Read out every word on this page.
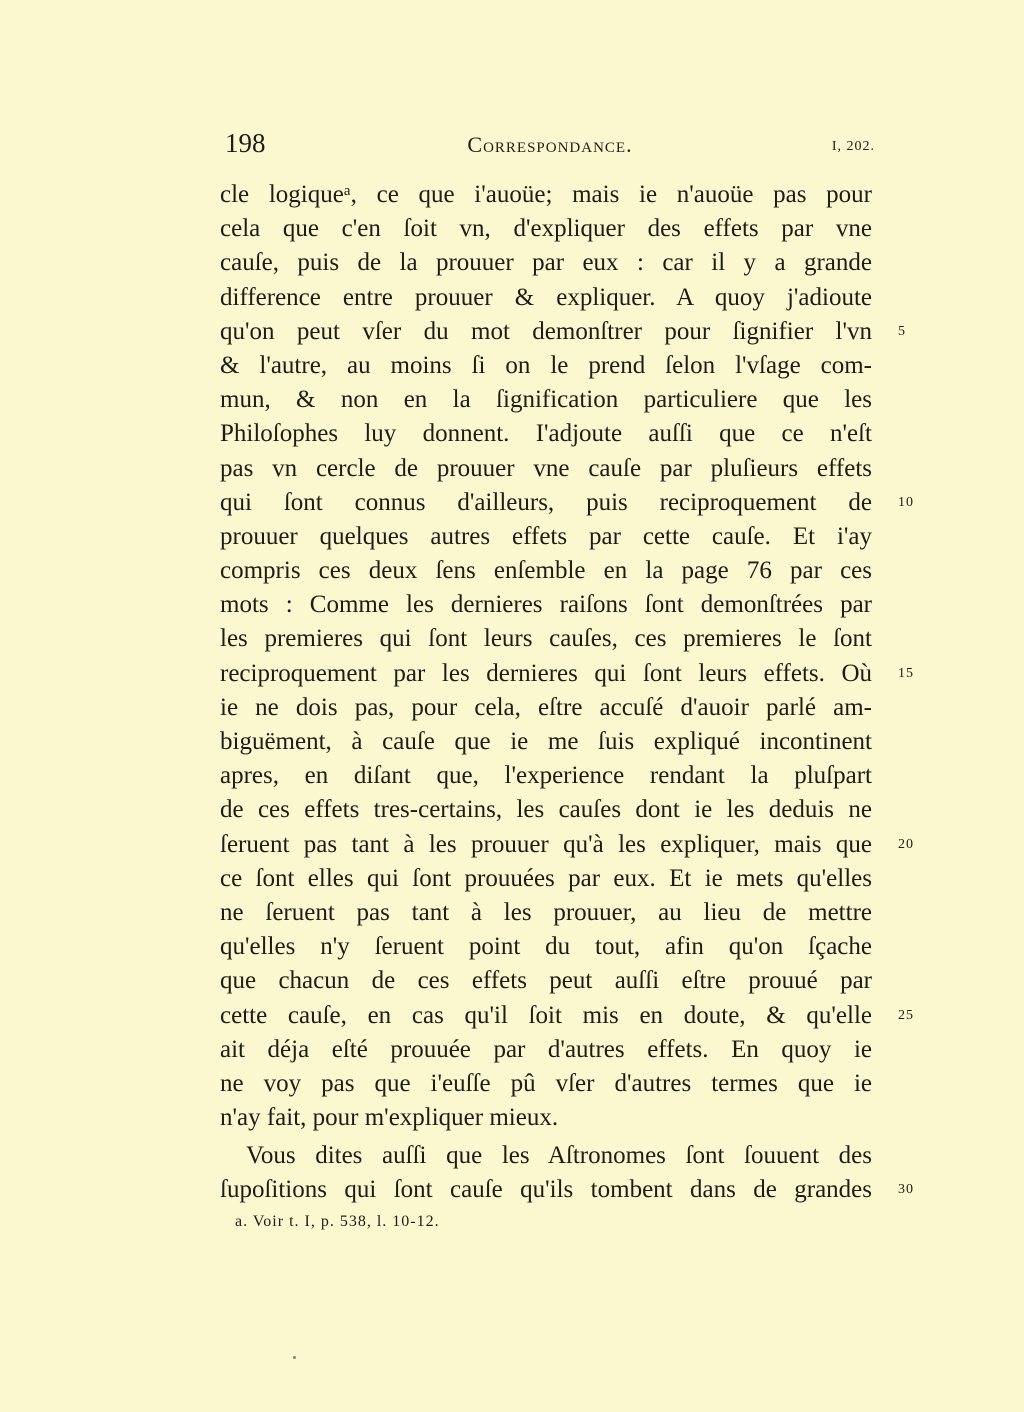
198	Correspondance.	I, 202.
cle logiqueᵃ, ce que i'auoüe; mais ie n'auoüe pas pour
cela que c'en ſoit vn, d'expliquer des effets par vne
cauſe, puis de la prouuer par eux : car il y a grande
difference entre prouuer & expliquer. A quoy j'adioute
qu'on peut vſer du mot demonſtrer pour ſignifier l'vn 5
& l'autre, au moins ſi on le prend ſelon l'vſage com-
mun, & non en la ſignification particuliere que les
Philoſophes luy donnent. I'adjoute auſſi que ce n'eſt
pas vn cercle de prouuer vne cauſe par pluſieurs effets
qui ſont connus d'ailleurs, puis reciproquement de 10
prouuer quelques autres effets par cette cauſe. Et i'ay
compris ces deux ſens enſemble en la page 76 par ces
mots : Comme les dernieres raiſons ſont demonſtrées par
les premieres qui ſont leurs cauſes, ces premieres le ſont
reciproquement par les dernieres qui ſont leurs effets. Où 15
ie ne dois pas, pour cela, eſtre accuſé d'auoir parlé am-
biguëment, à cauſe que ie me ſuis expliqué incontinent
apres, en diſant que, l'experience rendant la pluſpart
de ces effets tres-certains, les cauſes dont ie les deduis ne
ſeruent pas tant à les prouuer qu'à les expliquer, mais que 20
ce ſont elles qui ſont prouuées par eux. Et ie mets qu'elles
ne ſeruent pas tant à les prouuer, au lieu de mettre
qu'elles n'y ſeruent point du tout, afin qu'on ſçache
que chacun de ces effets peut auſſi eſtre prouué par
cette cauſe, en cas qu'il ſoit mis en doute, & qu'elle 25
ait déja eſté prouuée par d'autres effets. En quoy ie
ne voy pas que i'euſſe pû vſer d'autres termes que ie
n'ay fait, pour m'expliquer mieux.
Vous dites auſſi que les Aſtronomes ſont ſouuent des
ſupoſitions qui ſont cauſe qu'ils tombent dans de grandes 30
a. Voir t. I, p. 538, l. 10-12.
